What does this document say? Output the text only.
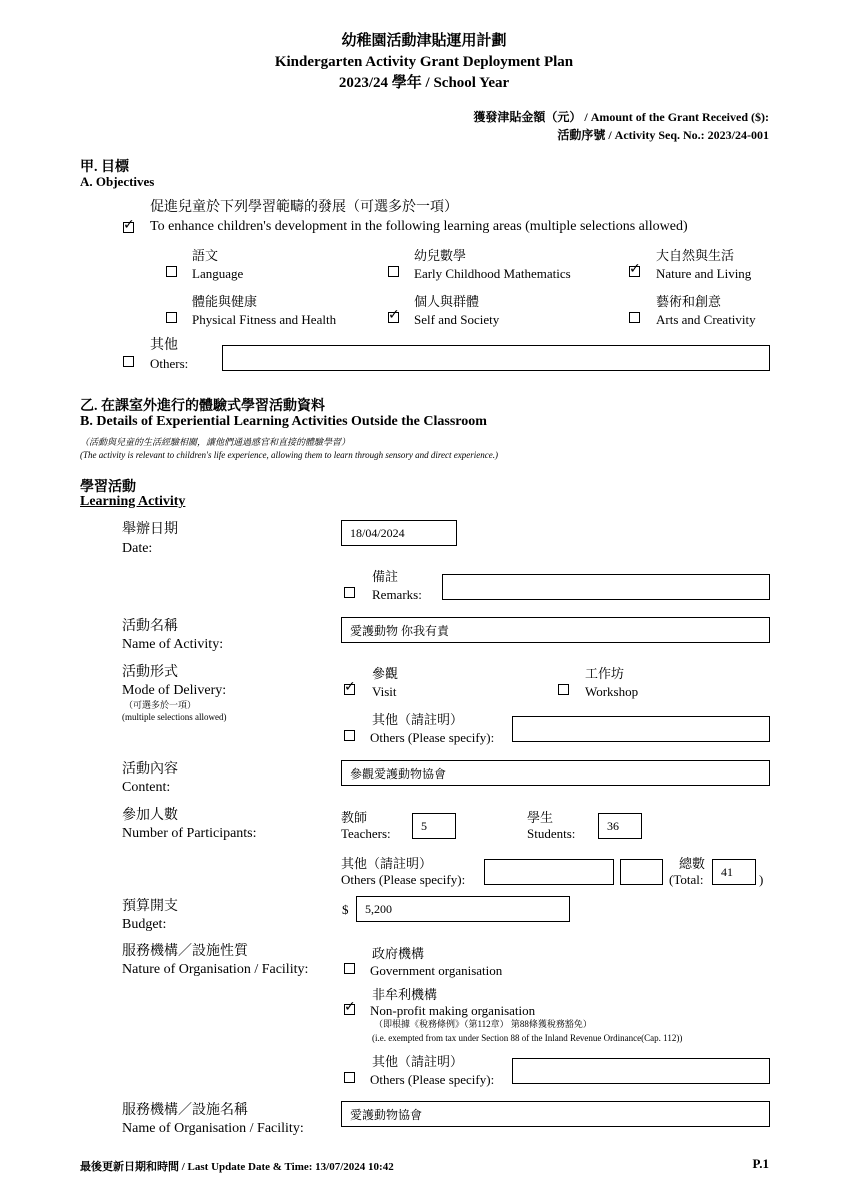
幼稚園活動津貼運用計劃
Kindergarten Activity Grant Deployment Plan
2023/24 學年 / School Year
獲發津貼金額（元） / Amount of the Grant Received ($):
活動序號 / Activity Seq. No.: 2023/24-001
甲. 目標
A. Objectives
✓
促進兒童於下列學習範疇的發展（可選多於一項）
To enhance children's development in the following learning areas (multiple selections allowed)
語文
Language
幼兒數學
Early Childhood Mathematics
✓
大自然與生活
Nature and Living
體能與健康
Physical Fitness and Health
✓
個人與群體
Self and Society
藝術和創意
Arts and Creativity
其他
Others:
乙. 在課室外進行的體驗式學習活動資料
B. Details of Experiential Learning Activities Outside the Classroom
（活動與兒童的生活經驗相關，讓他們通過感官和直接的體驗學習）
(The activity is relevant to children's life experience, allowing them to learn through sensory and direct experience.)
學習活動
Learning Activity
舉辦日期
Date:
18/04/2024
備註
Remarks:
活動名稱
Name of Activity:
愛護動物 你我有責
活動形式
Mode of Delivery:
（可選多於一項）
(multiple selections allowed)
✓
參觀
Visit
工作坊
Workshop
其他（請註明）
Others (Please specify):
活動內容
Content:
參觀愛護動物協會
參加人數
Number of Participants:
教師
Teachers:
5
學生
Students:
36
其他（請註明）
Others (Please specify):
總數
(Total:
41
)
預算開支
Budget:
$	5,200
服務機構／設施性質
Nature of Organisation / Facility:
政府機構
Government organisation
✓
非牟利機構
Non-profit making organisation
（即根據《稅務條例》（第112章） 第88條獲稅務豁免）
(i.e. exempted from tax under Section 88 of the Inland Revenue Ordinance(Cap. 112))
其他（請註明）
Others (Please specify):
服務機構／設施名稱
Name of Organisation / Facility:
愛護動物協會
最後更新日期和時間 / Last Update Date & Time: 13/07/2024 10:42	P.1
